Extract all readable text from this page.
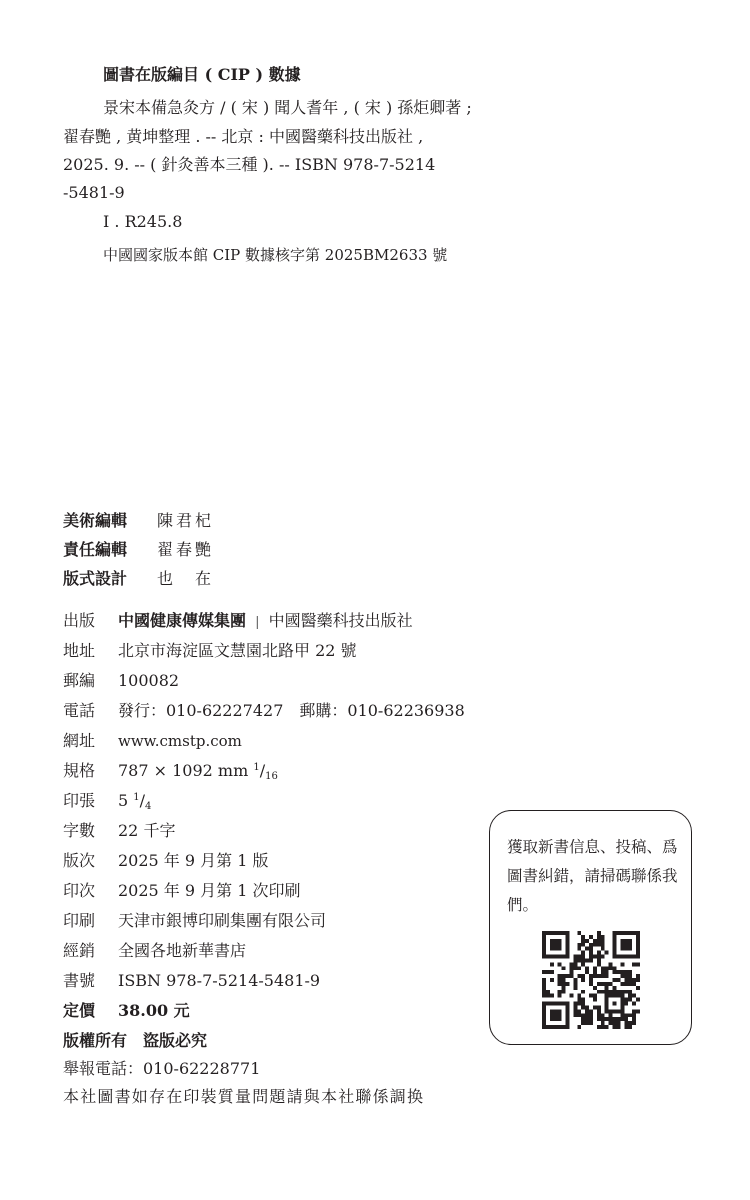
圖書在版編目 ( CIP ) 數據
景宋本備急灸方 / ( 宋 ) 聞人耆年 , ( 宋 ) 孫炬卿著 ;
翟春艷 , 黄坤整理 . -- 北京 : 中國醫藥科技出版社 ,
2025. 9. -- ( 針灸善本三種 ). -- ISBN 978-7-5214
-5481-9
Ⅰ . R245.8
中國國家版本館 CIP 數據核字第 2025BM2633 號
美術編輯 陳君杞
責任編輯 翟春艷
版式設計 也　在
出版 中國健康傳媒集團 | 中國醫藥科技出版社
地址 北京市海淀區文慧園北路甲 22 號
郵編 100082
電話 發行：010-62227427　郵購：010-62236938
網址 www.cmstp.com
規格 787 × 1092 mm $^1/_{16}$
印張 5 $^1/_4$
字數 22 千字
版次 2025 年 9 月第 1 版
印次 2025 年 9 月第 1 次印刷
印刷 天津市銀博印刷集團有限公司
經銷 全國各地新華書店
書號 ISBN 978-7-5214-5481-9
定價 38.00 元
版權所有　盜版必究
舉報電話：010-62228771
本社圖書如存在印裝質量問題請與本社聯係調换
獲取新書信息、投稿、爲圖書糾錯，請掃碼聯係我們。
